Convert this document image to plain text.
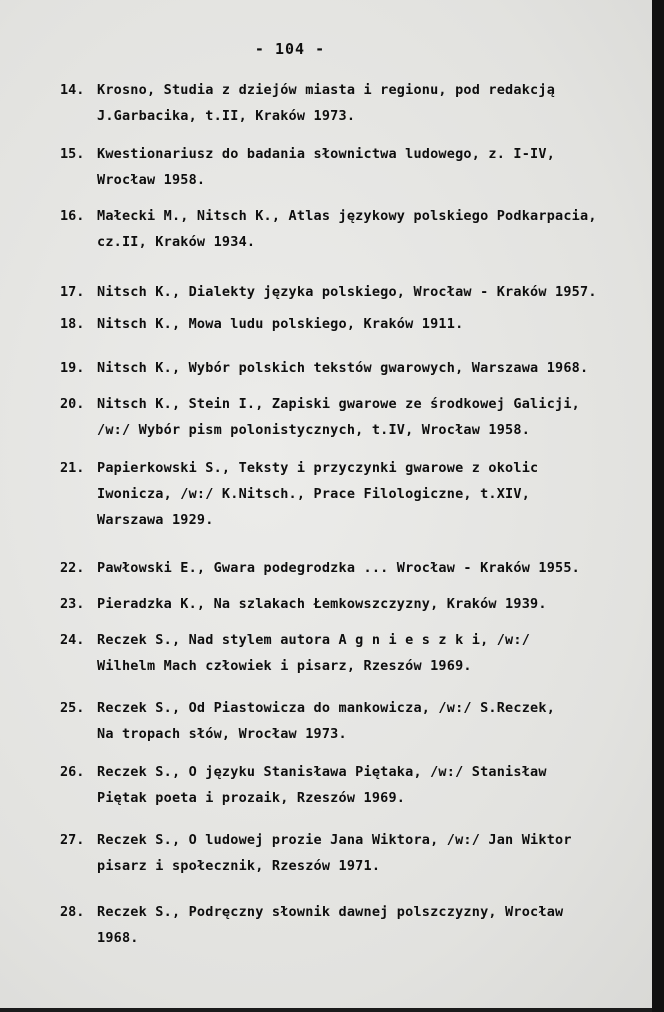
- 104 -
14. Krosno, Studia z dziejów miasta i regionu, pod redakcją
J.Garbacika, t.II, Kraków 1973.
15. Kwestionariusz do badania słownictwa ludowego, z. I-IV,
Wrocław 1958.
16. Małecki M., Nitsch K., Atlas językowy polskiego Podkarpacia,
cz.II, Kraków 1934.
17. Nitsch K., Dialekty języka polskiego, Wrocław - Kraków 1957.
18. Nitsch K., Mowa ludu polskiego, Kraków 1911.
19. Nitsch K., Wybór polskich tekstów gwarowych, Warszawa 1968.
20. Nitsch K., Stein I., Zapiski gwarowe ze środkowej Galicji,
/w:/ Wybór pism polonistycznych, t.IV, Wrocław 1958.
21. Papierkowski S., Teksty i przyczynki gwarowe z okolic
Iwonicza, /w:/ K.Nitsch., Prace Filologiczne, t.XIV,
Warszawa 1929.
22. Pawłowski E., Gwara podegrodzka ... Wrocław - Kraków 1955.
23. Pieradzka K., Na szlakach Łemkowszczyzny, Kraków 1939.
24. Reczek S., Nad stylem autora A g n i e s z k i, /w:/
Wilhelm Mach człowiek i pisarz, Rzeszów 1969.
25. Reczek S., Od Piastowicza do mankowicza, /w:/ S.Reczek,
Na tropach słów, Wrocław 1973.
26. Reczek S., O języku Stanisława Piętaka, /w:/ Stanisław
Piętak poeta i prozaik, Rzeszów 1969.
27. Reczek S., O ludowej prozie Jana Wiktora, /w:/ Jan Wiktor
pisarz i społecznik, Rzeszów 1971.
28. Reczek S., Podręczny słownik dawnej polszczyzny, Wrocław
1968.
